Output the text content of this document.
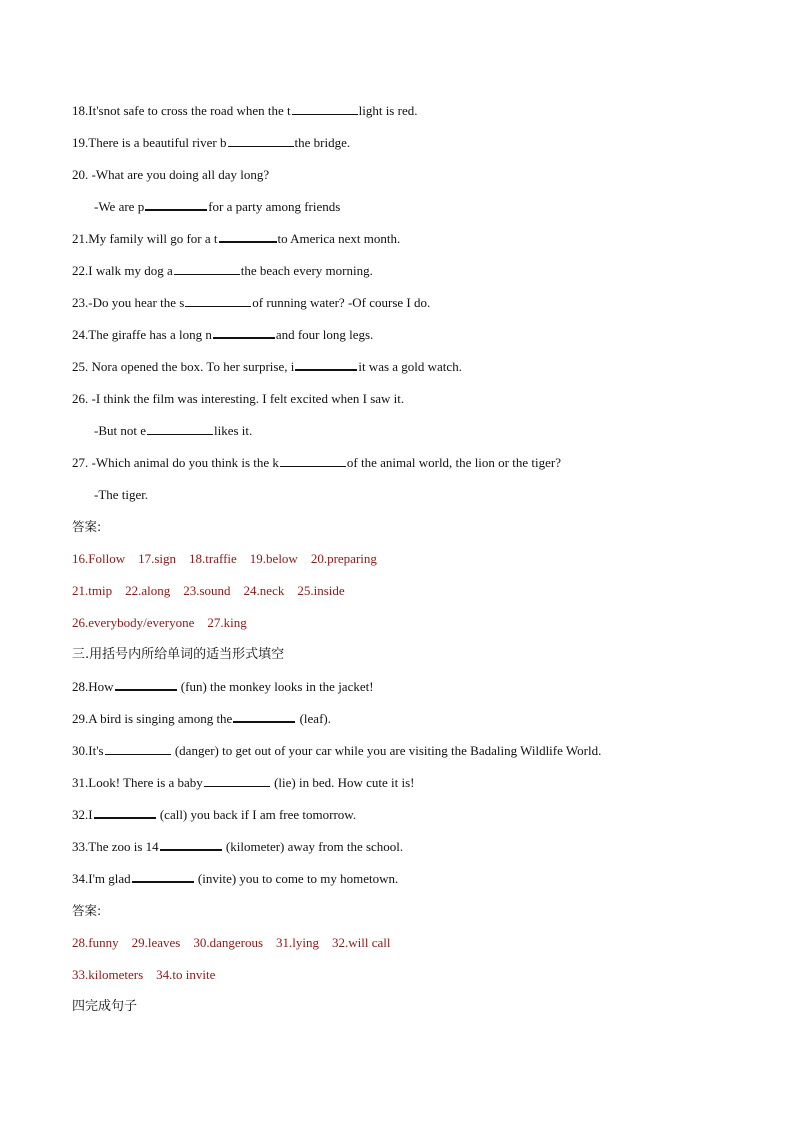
18.It'snot safe to cross the road when the t	light is red.
19.There is a beautiful river b	the bridge.
20. -What are you doing all day long?
-We are p	for a party among friends
21.My family will go for a t	to America next month.
22.I walk my dog a	the beach every morning.
23.-Do you hear the s	of running water? -Of course I do.
24.The giraffe has a long n	and four long legs.
25. Nora opened the box. To her surprise, i	it was a gold watch.
26. -I think the film was interesting. I felt excited when I saw it.
-But not e	likes it.
27. -Which animal do you think is the k	of the animal world, the lion or the tiger?
-The tiger.
答案:
16.Follow 17.sign 18.traffie 19.below 20.preparing
21.tmip 22.along 23.sound 24.neck 25.inside
26.everybody/everyone 27.king
三.用括号内所给单词的适当形式填空
28.How	(fun) the monkey looks in the jacket!
29.A bird is singing among the	(leaf).
30.It's	(danger) to get out of your car while you are visiting the Badaling Wildlife World.
31.Look! There is a baby	(lie) in bed. How cute it is!
32.I	(call) you back if I am free tomorrow.
33.The zoo is 14	(kilometer) away from the school.
34.I'm glad	(invite) you to come to my hometown.
答案:
28.funny 29.leaves 30.dangerous 31.lying 32.will call
33.kilometers 34.to invite
四完成句子
